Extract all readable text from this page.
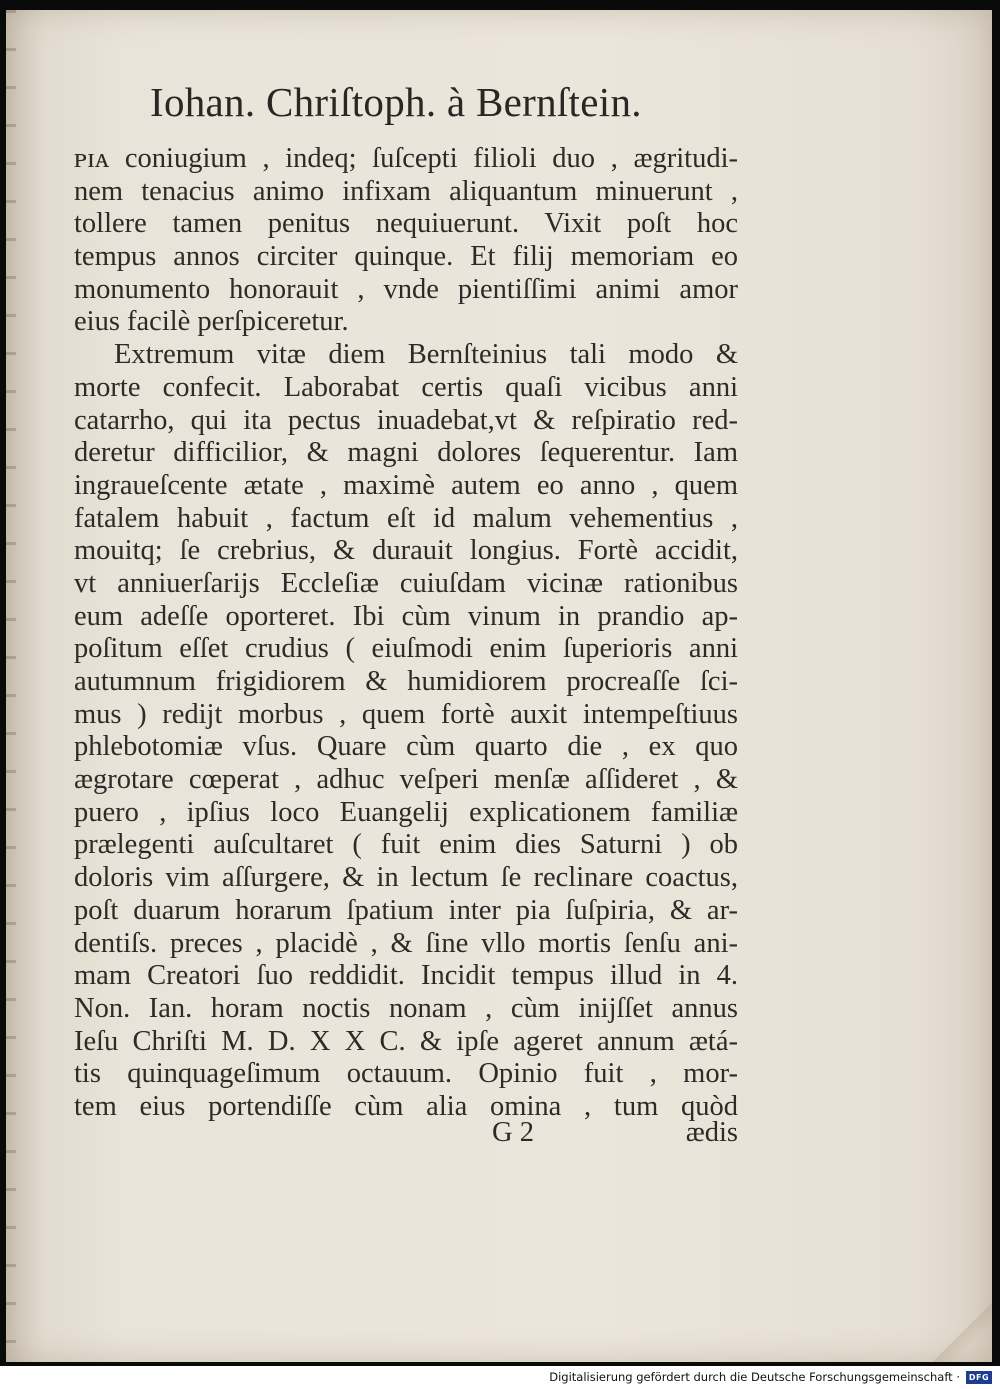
Iohan. Chriſtoph. à Bernſtein.
ᴘɪᴀ coniugium , indeq; ſuſcepti filioli duo , ægritudi-
nem tenacius animo infixam aliquantum minuerunt ,
tollere tamen penitus nequiuerunt. Vixit poſt hoc
tempus annos circiter quinque. Et filij memoriam eo
monumento honorauit , vnde pientiſſimi animi amor
eius facilè perſpiceretur.
Extremum vitæ diem Bernſteinius tali modo &
morte confecit. Laborabat certis quaſi vicibus anni
catarrho, qui ita pectus inuadebat,vt & reſpiratio red-
deretur difficilior, & magni dolores ſequerentur. Iam
ingraueſcente ætate , maximè autem eo anno , quem
fatalem habuit , factum eſt id malum vehementius ,
mouitq; ſe crebrius, & durauit longius. Fortè accidit,
vt anniuerſarijs Eccleſiæ cuiuſdam vicinæ rationibus
eum adeſſe oporteret. Ibi cùm vinum in prandio ap-
poſitum eſſet crudius ( eiuſmodi enim ſuperioris anni
autumnum frigidiorem & humidiorem procreaſſe ſci-
mus ) redijt morbus , quem fortè auxit intempeſtiuus
phlebotomiæ vſus. Quare cùm quarto die , ex quo
ægrotare cœperat , adhuc veſperi menſæ aſſideret , &
puero , ipſius loco Euangelij explicationem familiæ
prælegenti auſcultaret ( fuit enim dies Saturni ) ob
doloris vim aſſurgere, & in lectum ſe reclinare coactus,
poſt duarum horarum ſpatium inter pia ſuſpiria, & ar-
dentiſs. preces , placidè , & ſine vllo mortis ſenſu ani-
mam Creatori ſuo reddidit. Incidit tempus illud in 4.
Non. Ian. horam noctis nonam , cùm inijſſet annus
Ieſu Chriſti M. D. X X C. & ipſe ageret annum ætá-
tis quinquageſimum octauum. Opinio fuit , mor-
tem eius portendiſſe cùm alia omina , tum quòd
G 2	ædis
Digitalisierung gefördert durch die Deutsche Forschungsgemeinschaft ·	DFG
